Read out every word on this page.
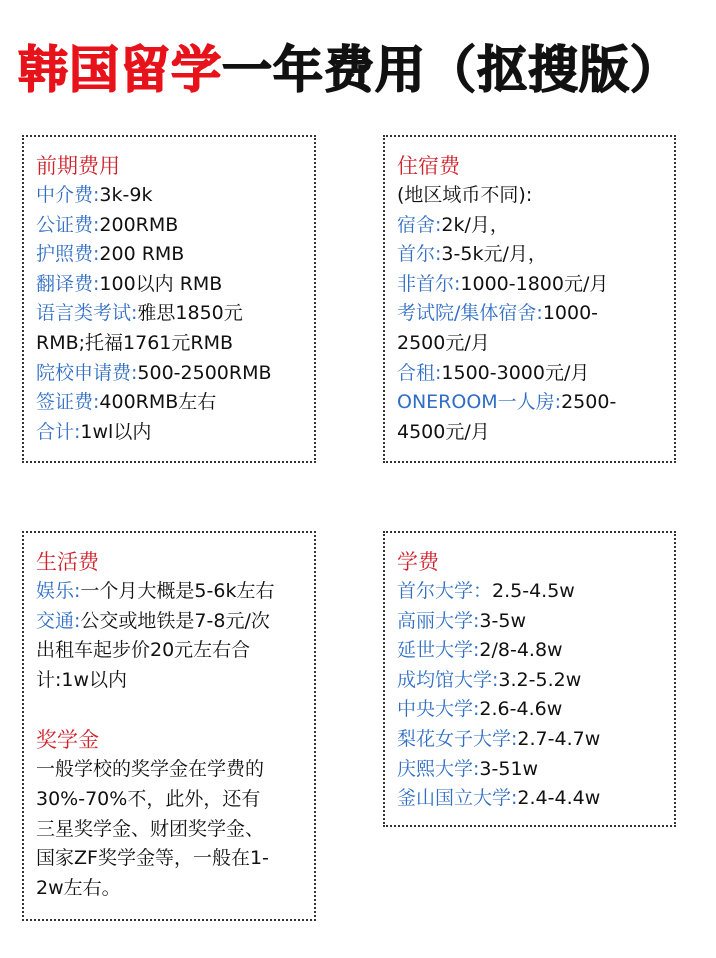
韩国留学一年费用（抠搜版）
前期费用
中介费:3k-9k
公证费:200RMB
护照费:200 RMB
翻译费:100以内 RMB
语言类考试:雅思1850元
RMB;托福1761元RMB
院校申请费:500-2500RMB
签证费:400RMB左右
合计:1wl以内
住宿费
(地区域币不同):
宿舍:2k/月，
首尔:3-5k元/月，
非首尔:1000-1800元/月
考试院/集体宿舍:1000-
2500元/月
合租:1500-3000元/月
ONEROOM一人房:2500-
4500元/月
生活费
娱乐:一个月大概是5-6k左右
交通:公交或地铁是7-8元/次
出租车起步价20元左右合
计:1w以内
奖学金
一般学校的奖学金在学费的
30%-70%不，此外，还有
三星奖学金、财团奖学金、
国家ZF奖学金等，一般在1-
2w左右。
学费
首尔大学：2.5-4.5w
高丽大学:3-5w
延世大学:2/8-4.8w
成均馆大学:3.2-5.2w
中央大学:2.6-4.6w
梨花女子大学:2.7-4.7w
庆熙大学:3-51w
釜山国立大学:2.4-4.4w
